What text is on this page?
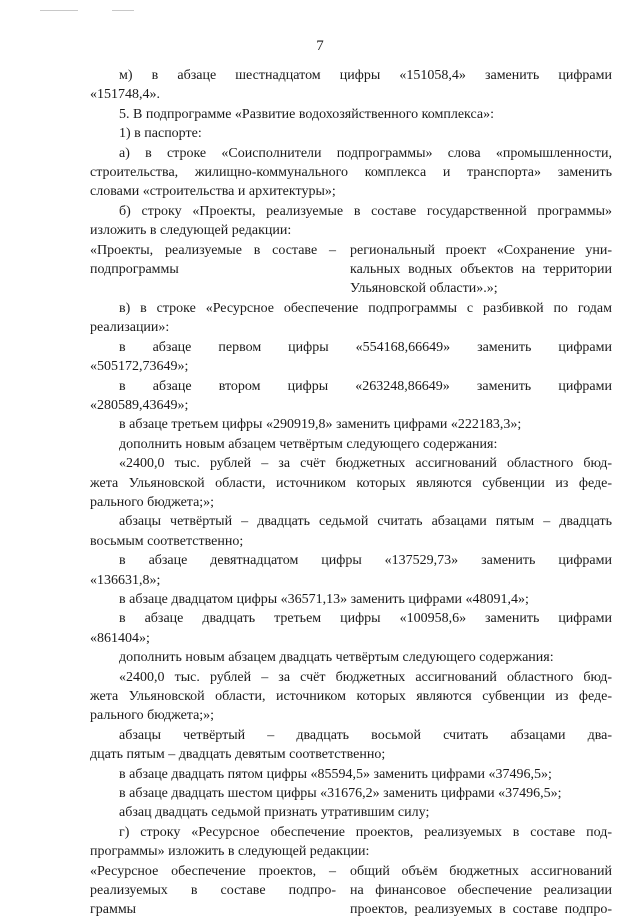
7
м) в абзаце шестнадцатом цифры «151058,4» заменить цифрами
«151748,4».
5. В подпрограмме «Развитие водохозяйственного комплекса»:
1) в паспорте:
а) в строке «Соисполнители подпрограммы» слова «промышленности,
строительства, жилищно-коммунального комплекса и транспорта» заменить
словами «строительства и архитектуры»;
б) строку «Проекты, реализуемые в составе государственной программы»
изложить в следующей редакции:
«Проекты, реализуемые в составе –
подпрограммы
региональный проект «Сохранение уни-
кальных водных объектов на территории
Ульяновской области».»;
в) в строке «Ресурсное обеспечение подпрограммы с разбивкой по годам
реализации»:
в абзаце первом цифры «554168,66649» заменить цифрами
«505172,73649»;
в абзаце втором цифры «263248,86649» заменить цифрами
«280589,43649»;
в абзаце третьем цифры «290919,8» заменить цифрами «222183,3»;
дополнить новым абзацем четвёртым следующего содержания:
«2400,0 тыс. рублей – за счёт бюджетных ассигнований областного бюд-
жета Ульяновской области, источником которых являются субвенции из феде-
рального бюджета;»;
абзацы четвёртый – двадцать седьмой считать абзацами пятым – двадцать
восьмым соответственно;
в абзаце девятнадцатом цифры «137529,73» заменить цифрами
«136631,8»;
в абзаце двадцатом цифры «36571,13» заменить цифрами «48091,4»;
в абзаце двадцать третьем цифры «100958,6» заменить цифрами
«861404»;
дополнить новым абзацем двадцать четвёртым следующего содержания:
«2400,0 тыс. рублей – за счёт бюджетных ассигнований областного бюд-
жета Ульяновской области, источником которых являются субвенции из феде-
рального бюджета;»;
абзацы четвёртый – двадцать восьмой считать абзацами два-
дцать пятым – двадцать девятым соответственно;
в абзаце двадцать пятом цифры «85594,5» заменить цифрами «37496,5»;
в абзаце двадцать шестом цифры «31676,2» заменить цифрами «37496,5»;
абзац двадцать седьмой признать утратившим силу;
г) строку «Ресурсное обеспечение проектов, реализуемых в составе под-
программы» изложить в следующей редакции:
«Ресурсное обеспечение проектов, –
реализуемых в составе подпро-
граммы
общий объём бюджетных ассигнований
на финансовое обеспечение реализации
проектов, реализуемых в составе подпро-
